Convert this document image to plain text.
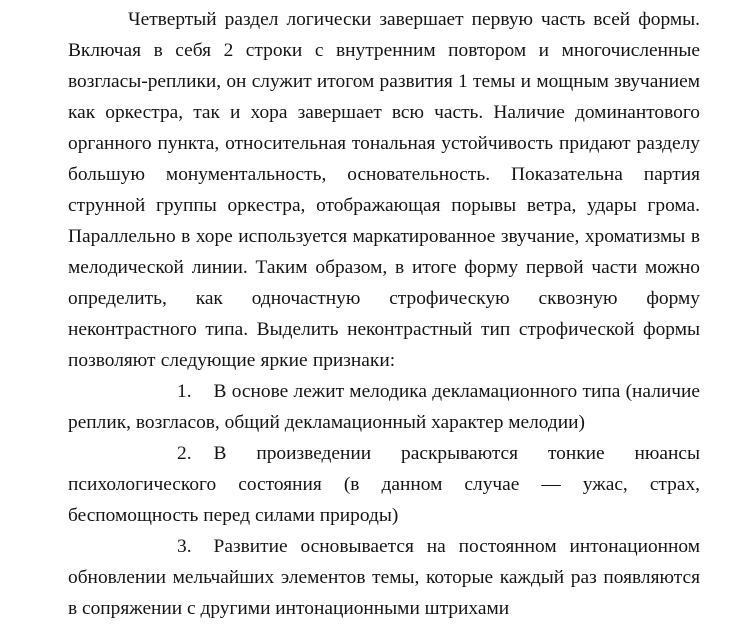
Четвертый раздел логически завершает первую часть всей формы. Включая в себя 2 строки с внутренним повтором и многочисленные возгласы-реплики, он служит итогом развития 1 темы и мощным звучанием как оркестра, так и хора завершает всю часть. Наличие доминантового органного пункта, относительная тональная устойчивость придают разделу большую монументальность, основательность. Показательна партия струнной группы оркестра, отображающая порывы ветра, удары грома. Параллельно в хоре используется маркатированное звучание, хроматизмы в мелодической линии. Таким образом, в итоге форму первой части можно определить, как одночастную строфическую сквозную форму неконтрастного типа. Выделить неконтрастный тип строфической формы позволяют следующие яркие признаки:

1. В основе лежит мелодика декламационного типа (наличие реплик, возгласов, общий декламационный характер мелодии)
2. В произведении раскрываются тонкие нюансы психологического состояния (в данном случае — ужас, страх, беспомощность перед силами природы)
3. Развитие основывается на постоянном интонационном обновлении мельчайших элементов темы, которые каждый раз появляются в сопряжении с другими интонационными штрихами
